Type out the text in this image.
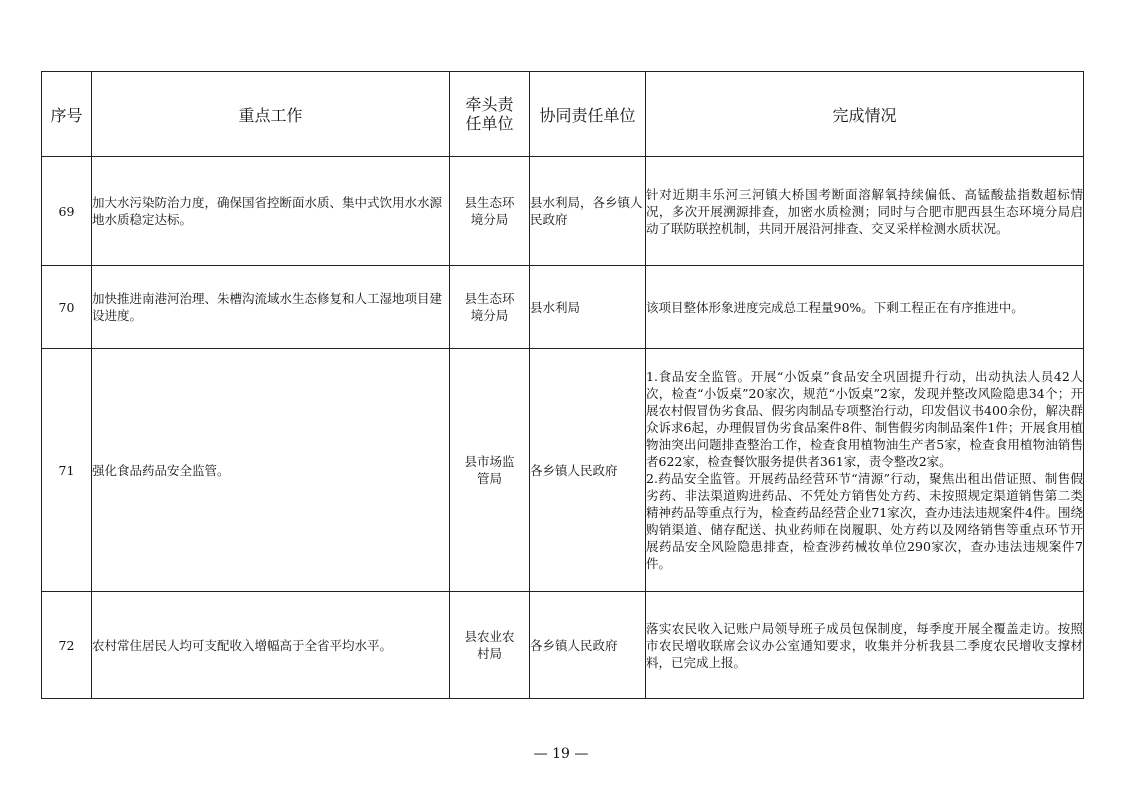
序号	重点工作	牵头责任单位	协同责任单位	完成情况
69	加大水污染防治力度，确保国省控断面水质、集中式饮用水水源地水质稳定达标。	县生态环境分局	县水利局，各乡镇人民政府	针对近期丰乐河三河镇大桥国考断面溶解氧持续偏低、高锰酸盐指数超标情况，多次开展溯源排查，加密水质检测；同时与合肥市肥西县生态环境分局启动了联防联控机制，共同开展沿河排查、交叉采样检测水质状况。

70	加快推进南港河治理、朱槽沟流域水生态修复和人工湿地项目建设进度。	县生态环境分局	县水利局	该项目整体形象进度完成总工程量90%。下剩工程正在有序推进中。

71	强化食品药品安全监管。	县市场监管局	各乡镇人民政府	1.食品安全监管。开展“小饭桌”食品安全巩固提升行动，出动执法人员42人次，检查“小饭桌”20家次，规范“小饭桌”2家，发现并整改风险隐患34个；开展农村假冒伪劣食品、假劣肉制品专项整治行动，印发倡议书400余份，解决群众诉求6起，办理假冒伪劣食品案件8件、制售假劣肉制品案件1件；开展食用植物油突出问题排查整治工作，检查食用植物油生产者5家，检查食用植物油销售者622家，检查餐饮服务提供者361家，责令整改2家。
2.药品安全监管。开展药品经营环节“清源”行动，聚焦出租出借证照、制售假劣药、非法渠道购进药品、不凭处方销售处方药、未按照规定渠道销售第二类精神药品等重点行为，检查药品经营企业71家次，查办违法违规案件4件。围绕购销渠道、储存配送、执业药师在岗履职、处方药以及网络销售等重点环节开展药品安全风险隐患排查，检查涉药械妆单位290家次，查办违法违规案件7件。

72	农村常住居民人均可支配收入增幅高于全省平均水平。	县农业农村局	各乡镇人民政府	落实农民收入记账户局领导班子成员包保制度，每季度开展全覆盖走访。按照市农民增收联席会议办公室通知要求，收集并分析我县二季度农民增收支撑材料，已完成上报。
— 19 —
